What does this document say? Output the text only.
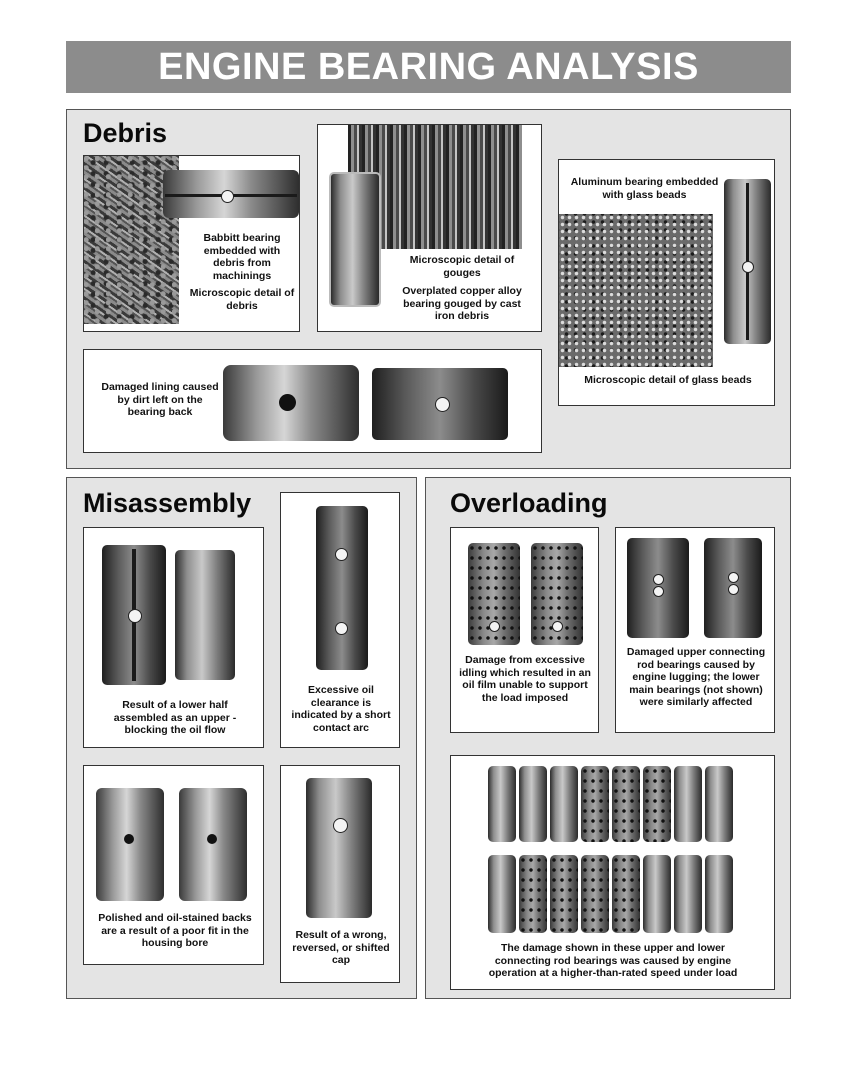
ENGINE BEARING ANALYSIS
Debris
Babbitt bearing embedded with debris from machinings
Microscopic detail of debris
Microscopic detail of gouges
Overplated copper alloy bearing gouged by cast iron debris
Aluminum bearing embedded with glass beads
Microscopic detail of glass beads
Damaged lining caused by dirt left on the bearing back
Misassembly
Result of a lower half assembled as an upper - blocking the oil flow
Excessive oil clearance is indicated by a short contact arc
Polished and oil-stained backs are a result of a poor fit in the housing bore
Result of a wrong, reversed, or shifted cap
Overloading
Damage from excessive idling which resulted in an oil film unable to support the load imposed
Damaged upper connecting rod bearings caused by engine lugging; the lower main bearings (not shown) were similarly affected
The damage shown in these upper and lower connecting rod bearings was caused by engine operation at a higher-than-rated speed under load
